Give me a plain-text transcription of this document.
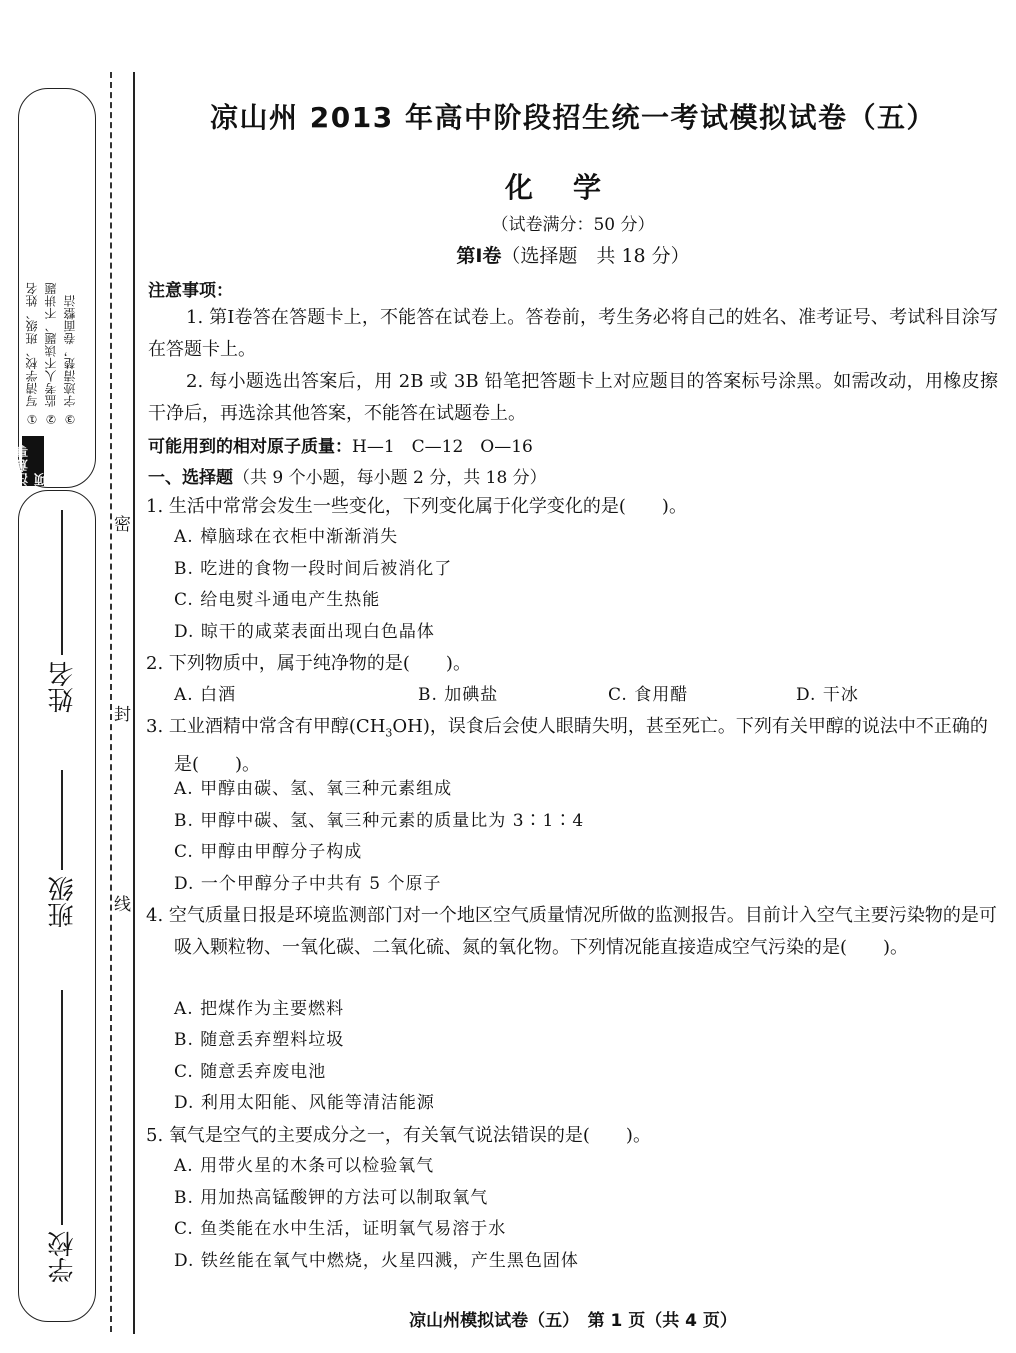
① 写清学校、班级、姓名 ② 监考人不读题、不讲题 ③ 字迹清楚，卷面整洁
注意事项
姓名
班级
学校
密
封
线
凉山州 2013 年高中阶段招生统一考试模拟试卷（五）
化学
（试卷满分：50 分）
第Ⅰ卷（选择题　共 18 分）
注意事项：
1. 第Ⅰ卷答在答题卡上，不能答在试卷上。答卷前，考生务必将自己的姓名、准考证号、考试科目涂写在答题卡上。
2. 每小题选出答案后，用 2B 或 3B 铅笔把答题卡上对应题目的答案标号涂黑。如需改动，用橡皮擦干净后，再选涂其他答案，不能答在试题卷上。
可能用到的相对原子质量：H—1　C—12　O—16
一、选择题（共 9 个小题，每小题 2 分，共 18 分）
1. 生活中常常会发生一些变化，下列变化属于化学变化的是(　　)。
A. 樟脑球在衣柜中渐渐消失
B. 吃进的食物一段时间后被消化了
C. 给电熨斗通电产生热能
D. 晾干的咸菜表面出现白色晶体
2. 下列物质中，属于纯净物的是(　　)。
A. 白酒	B. 加碘盐	C. 食用醋	D. 干冰
3. 工业酒精中常含有甲醇$(CH_3OH)$，误食后会使人眼睛失明，甚至死亡。下列有关甲醇的说法中不正确的是(　　)。
A. 甲醇由碳、氢、氧三种元素组成
B. 甲醇中碳、氢、氧三种元素的质量比为 3∶1∶4
C. 甲醇由甲醇分子构成
D. 一个甲醇分子中共有 5 个原子
4. 空气质量日报是环境监测部门对一个地区空气质量情况所做的监测报告。目前计入空气主要污染物的是可吸入颗粒物、一氧化碳、二氧化硫、氮的氧化物。下列情况能直接造成空气污染的是(　　)。
A. 把煤作为主要燃料
B. 随意丢弃塑料垃圾
C. 随意丢弃废电池
D. 利用太阳能、风能等清洁能源
5. 氧气是空气的主要成分之一，有关氧气说法错误的是(　　)。
A. 用带火星的木条可以检验氧气
B. 用加热高锰酸钾的方法可以制取氧气
C. 鱼类能在水中生活，证明氧气易溶于水
D. 铁丝能在氧气中燃烧，火星四溅，产生黑色固体
凉山州模拟试卷（五）　第 1 页（共 4 页）
